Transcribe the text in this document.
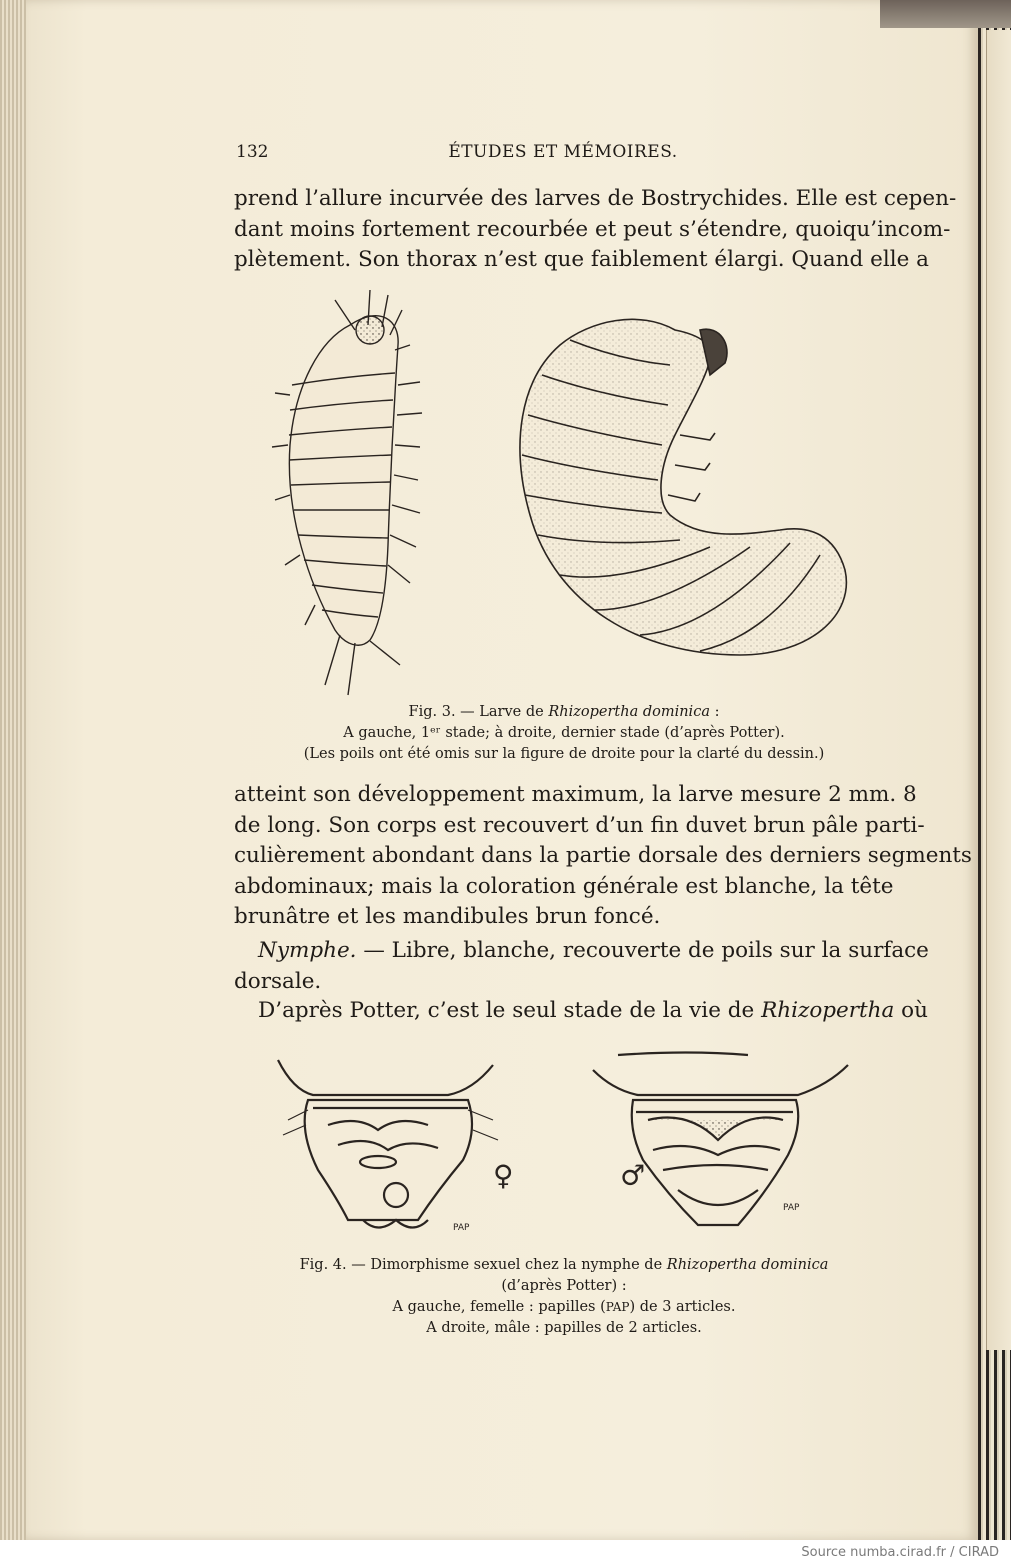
132	ÉTUDES ET MÉMOIRES.
prend l’allure incurvée des larves de Bostrychides. Elle est cepen-
dant moins fortement recourbée et peut s’étendre, quoiqu’incom-
plètement. Son thorax n’est que faiblement élargi. Quand elle a
Fig. 3. — Larve de Rhizopertha dominica :
A gauche, 1ᵉʳ stade; à droite, dernier stade (d’après Potter).
(Les poils ont été omis sur la figure de droite pour la clarté du dessin.)
atteint son développement maximum, la larve mesure 2 mm. 8
de long. Son corps est recouvert d’un fin duvet brun pâle parti-
culièrement abondant dans la partie dorsale des derniers segments
abdominaux; mais la coloration générale est blanche, la tête
brunâtre et les mandibules brun foncé.
Nymphe. — Libre, blanche, recouverte de poils sur la surface
dorsale.
D’après Potter, c’est le seul stade de la vie de Rhizopertha où
♀
PAP
♂
PAP
Fig. 4. — Dimorphisme sexuel chez la nymphe de Rhizopertha dominica
(d’après Potter) :
A gauche, femelle : papilles (PAP) de 3 articles.
A droite, mâle : papilles de 2 articles.
Source numba.cirad.fr / CIRAD
